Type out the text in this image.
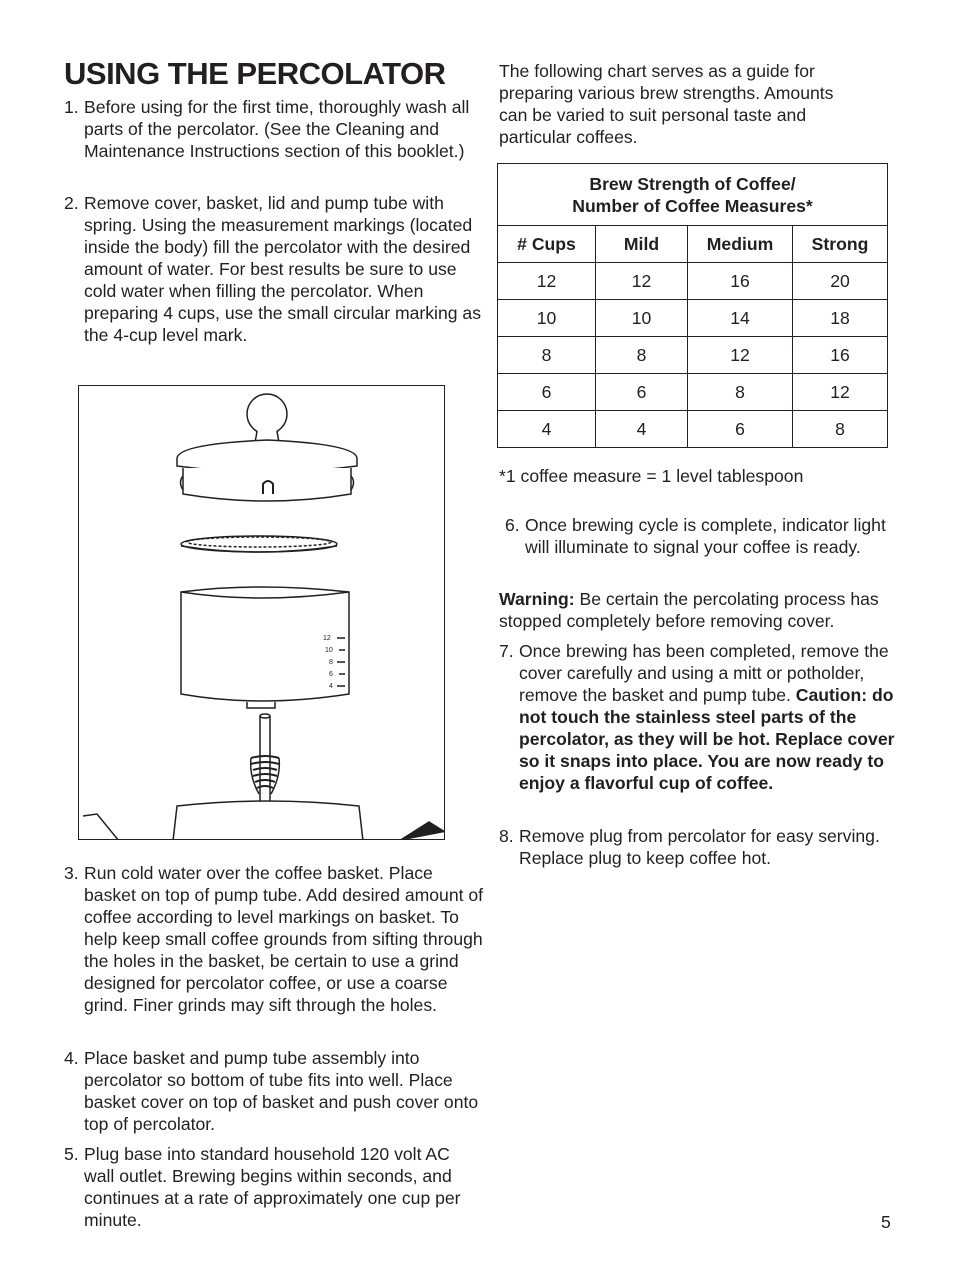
USING THE PERCOLATOR
1. Before using for the first time, thoroughly wash all parts of the percolator. (See the Cleaning and Maintenance Instructions section of this booklet.)
2. Remove cover, basket, lid and pump tube with spring. Using the measurement markings (located inside the body) fill the percolator with the desired amount of water. For best results be sure to use cold water when filling the percolator. When preparing 4 cups, use the small circular marking as the 4-cup level mark.
12
10
8
6
4
3. Run cold water over the coffee basket. Place basket on top of pump tube. Add desired amount of coffee according to level markings on basket. To help keep small coffee grounds from sifting through the holes in the basket, be certain to use a grind designed for percolator coffee, or use a coarse grind. Finer grinds may sift through the holes.
4. Place basket and pump tube assembly into percolator so bottom of tube fits into well. Place basket cover on top of basket and push cover onto top of percolator.
5. Plug base into standard household 120 volt AC wall outlet. Brewing begins within seconds, and continues at a rate of approximately one cup per minute.
The following chart serves as a guide for preparing various brew strengths. Amounts can be varied to suit personal taste and particular coffees.
Brew Strength of Coffee/
Number of Coffee Measures*			
# Cups	Mild	Medium	Strong
12	12	16	20
10	10	14	18
8	8	12	16
6	6	8	12
4	4	6	8
*1 coffee measure = 1 level tablespoon
6. Once brewing cycle is complete, indicator light will illuminate to signal your coffee is ready.
Warning: Be certain the percolating process has stopped completely before removing cover.
7. Once brewing has been completed, remove the cover carefully and using a mitt or potholder, remove the basket and pump tube. Caution: do not touch the stainless steel parts of the percolator, as they will be hot. Replace cover so it snaps into place. You are now ready to enjoy a flavorful cup of coffee.
8. Remove plug from percolator for easy serving. Replace plug to keep coffee hot.
5
